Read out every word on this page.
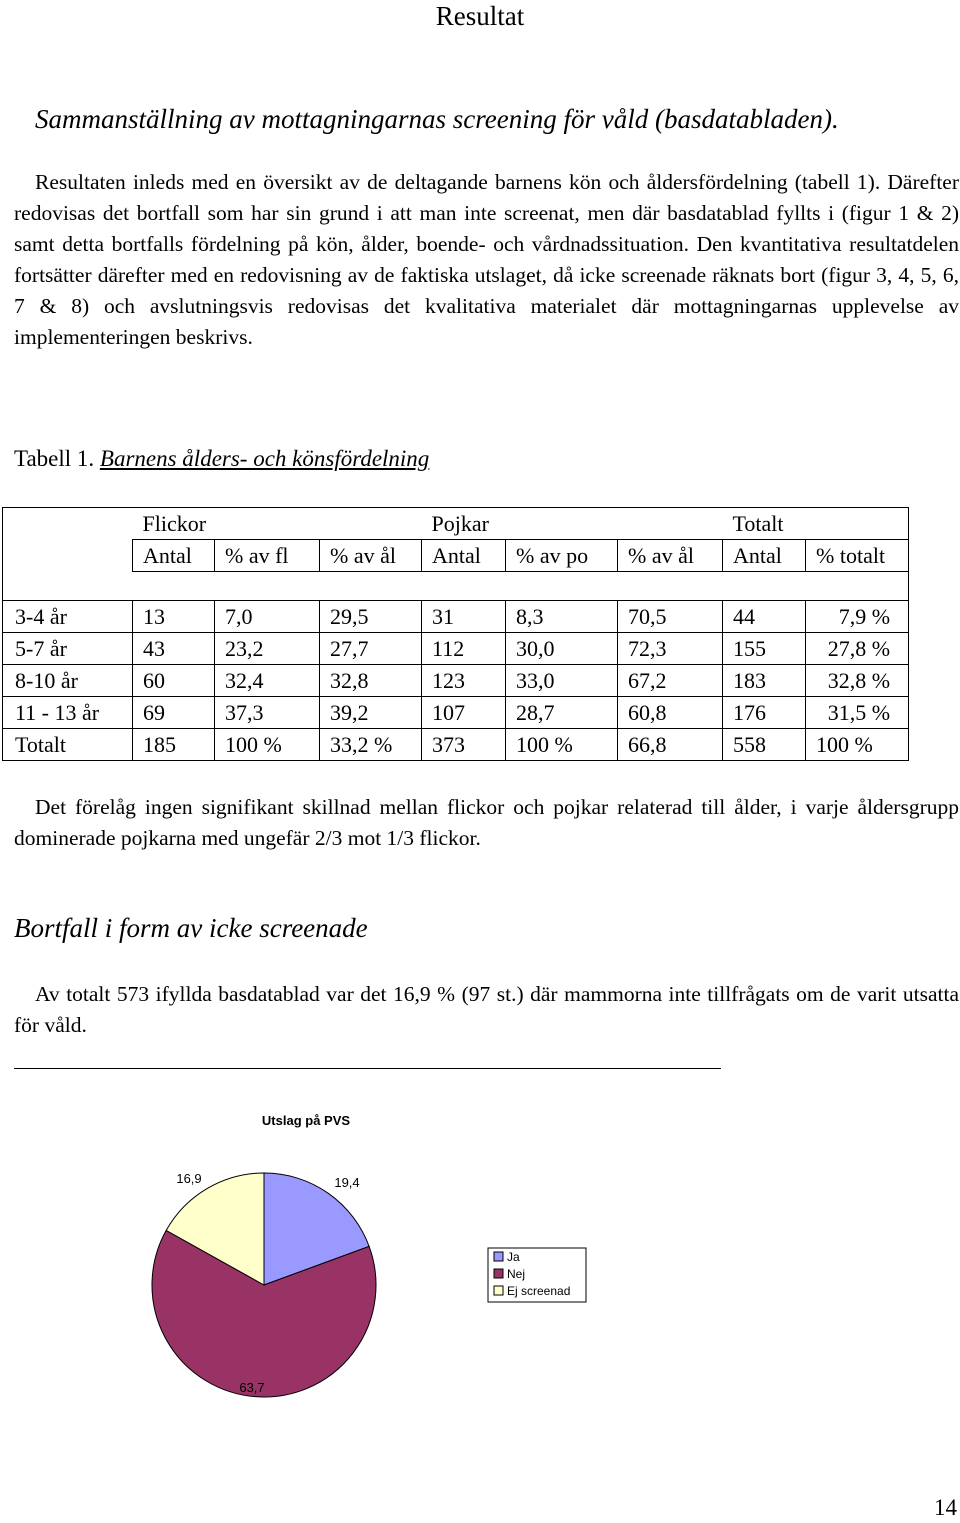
Resultat
Sammanställning av mottagningarnas screening för våld (basdatabladen).
Resultaten inleds med en översikt av de deltagande barnens kön och åldersfördelning (tabell 1). Därefter redovisas det bortfall som har sin grund i att man inte screenat, men där basdatablad fyllts i (figur 1 & 2) samt detta bortfalls fördelning på kön, ålder, boende- och vårdnadssituation. Den kvantitativa resultatdelen fortsätter därefter med en redovisning av de faktiska utslaget, då icke screenade räknats bort (figur 3, 4, 5, 6, 7 & 8) och avslutningsvis redovisas det kvalitativa materialet där mottagningarnas upplevelse av implementeringen beskrivs.
Tabell 1. Barnens ålders- och könsfördelning
	Flickor			Pojkar			Totalt	
	Antal	% av fl	% av ål	Antal	% av po	% av ål	Antal	% totalt

3-4 år	13	7,0	29,5	31	8,3	70,5	44	7,9 %
5-7 år	43	23,2	27,7	112	30,0	72,3	155	27,8 %
8-10 år	60	32,4	32,8	123	33,0	67,2	183	32,8 %
11 - 13 år	69	37,3	39,2	107	28,7	60,8	176	31,5 %
Totalt	185	100 %	33,2 %	373	100 %	66,8	558	100 %
Det förelåg ingen signifikant skillnad mellan flickor och pojkar relaterad till ålder, i varje åldersgrupp dominerade pojkarna med ungefär 2/3 mot 1/3 flickor.
Bortfall i form av icke screenade
Av totalt 573 ifyllda basdatablad var det 16,9 % (97 st.) där mammorna inte tillfrågats om de varit utsatta för våld.
Utslag på PVS
16,9	19,4
63,7
Ja
Nej
Ej screenad
14
